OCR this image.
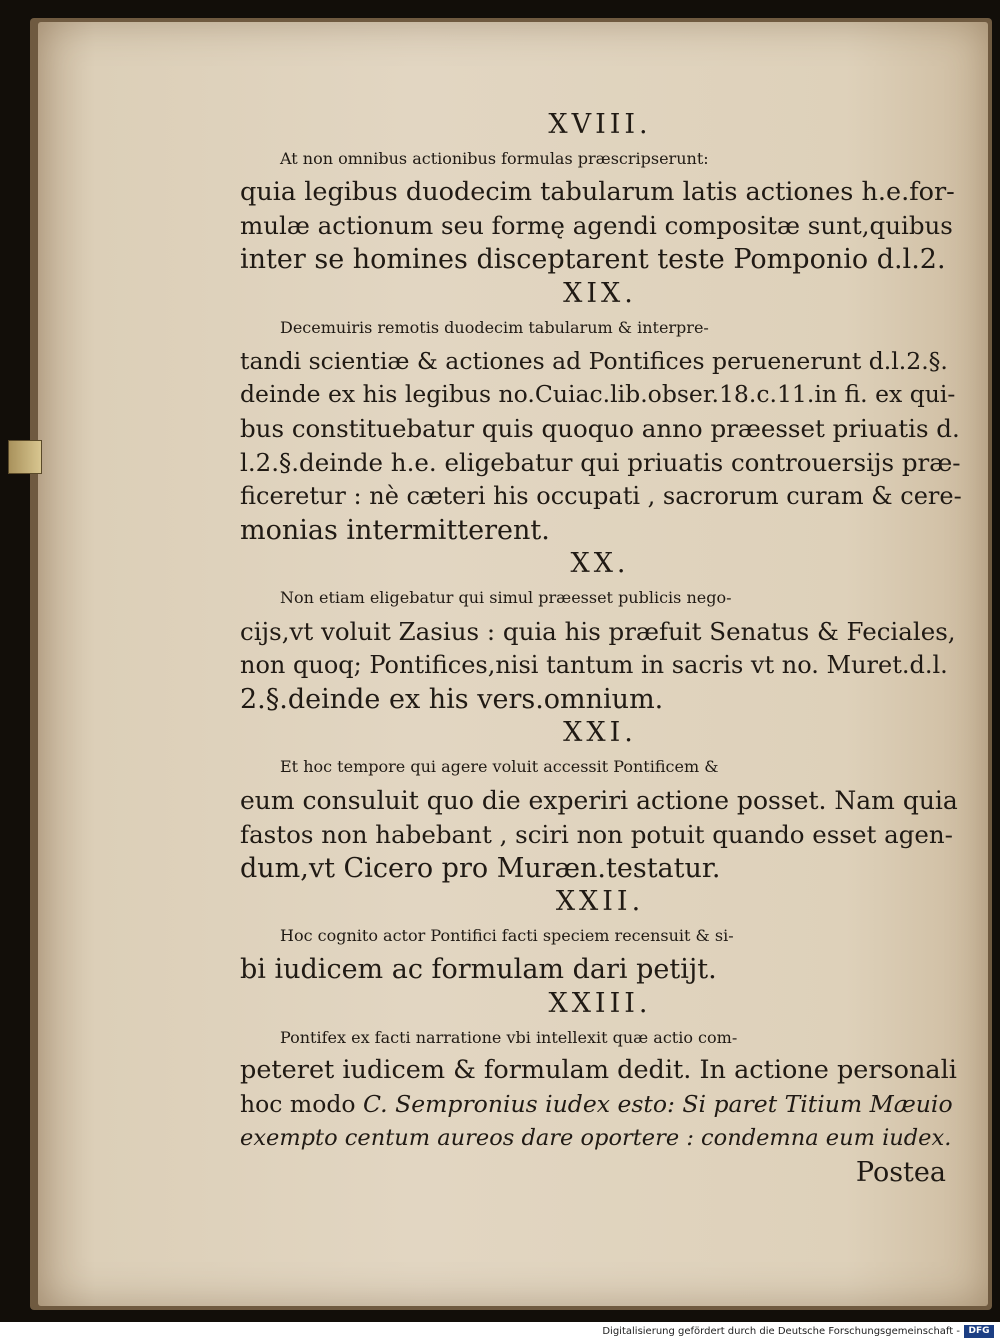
XVIII.
At non omnibus actionibus formulas præscripserunt:
quia legibus duodecim tabularum latis actiones h.e.for-
mulæ actionum seu formę agendi compositæ sunt,quibus
inter se homines disceptarent teste Pomponio d.l.2.
XIX.
Decemuiris remotis duodecim tabularum & interpre-
tandi scientiæ & actiones ad Pontifices peruenerunt d.l.2.§.
deinde ex his legibus no.Cuiac.lib.obser.18.c.11.in fi. ex qui-
bus constituebatur quis quoquo anno præesset priuatis d.
l.2.§.deinde h.e. eligebatur qui priuatis controuersijs præ-
ficeretur : nè cæteri his occupati , sacrorum curam & cere-
monias intermitterent.
XX.
Non etiam eligebatur qui simul præesset publicis nego-
cijs,vt voluit Zasius : quia his præfuit Senatus & Feciales,
non quoq; Pontifices,nisi tantum in sacris vt no. Muret.d.l.
2.§.deinde ex his vers.omnium.
XXI.
Et hoc tempore qui agere voluit accessit Pontificem &
eum consuluit quo die experiri actione posset. Nam quia
fastos non habebant , sciri non potuit quando esset agen-
dum,vt Cicero pro Muræn.testatur.
XXII.
Hoc cognito actor Pontifici facti speciem recensuit & si-
bi iudicem ac formulam dari petijt.
XXIII.
Pontifex ex facti narratione vbi intellexit quæ actio com-
peteret iudicem & formulam dedit. In actione personali
hoc modo C. Sempronius iudex esto: Si paret Titium Mæuio
exempto centum aureos dare oportere : condemna eum iudex.
Postea
Digitalisierung gefördert durch die Deutsche Forschungsgemeinschaft - DFG
